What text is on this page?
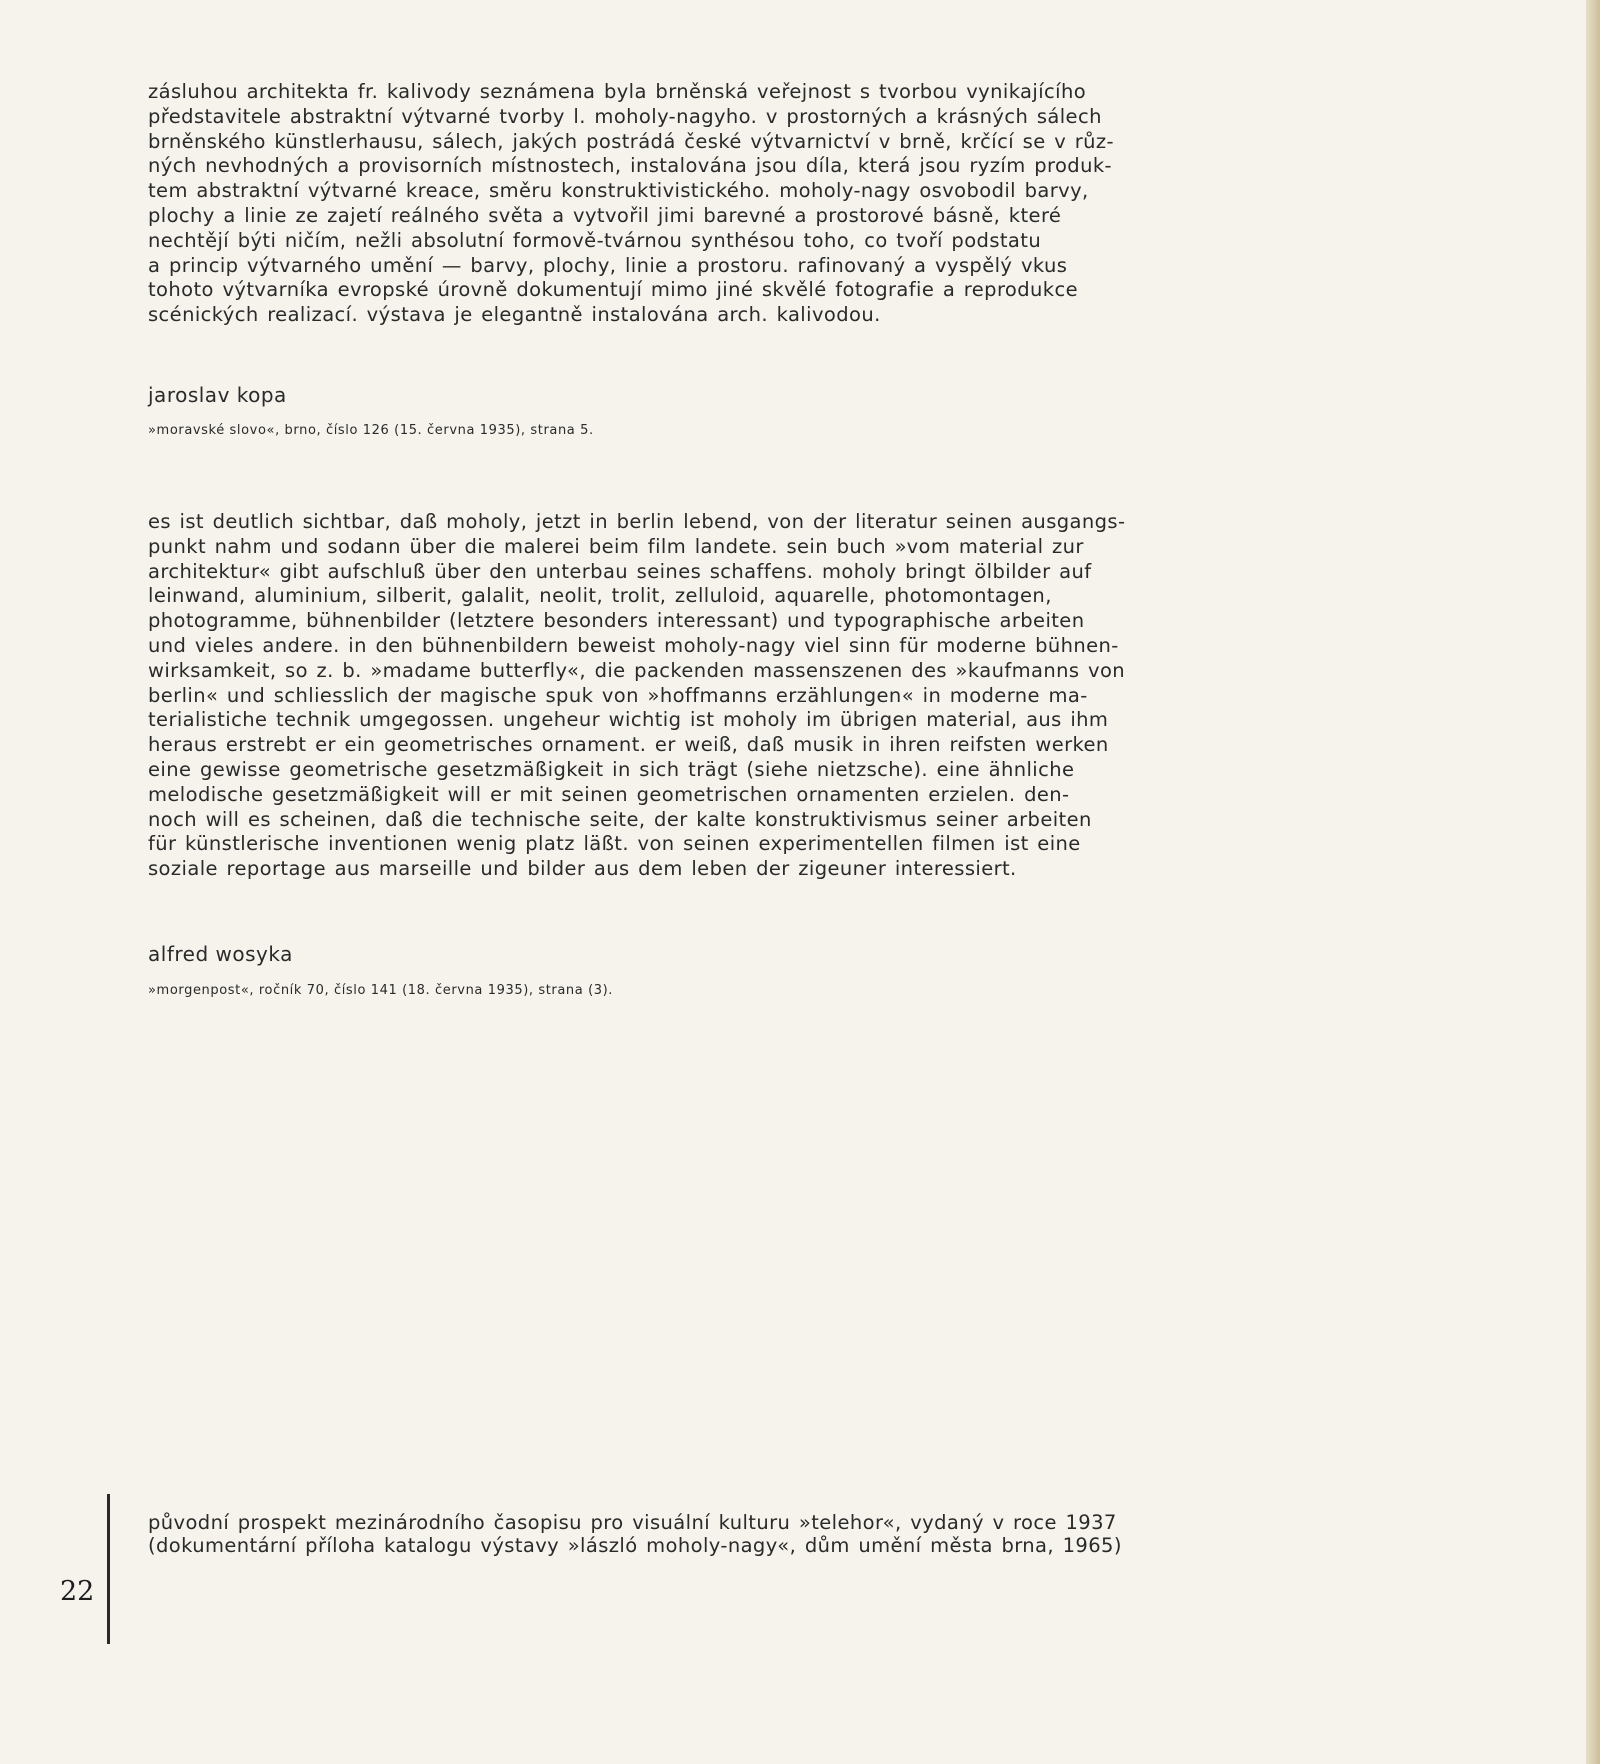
zásluhou architekta fr. kalivody seznámena byla brněnská veřejnost s tvorbou vynikajícího
představitele abstraktní výtvarné tvorby l. moholy-nagyho. v prostorných a krásných sálech
brněnského künstlerhausu, sálech, jakých postrádá české výtvarnictví v brně, krčící se v růz-
ných nevhodných a provisorních místnostech, instalována jsou díla, která jsou ryzím produk-
tem abstraktní výtvarné kreace, směru konstruktivistického. moholy-nagy osvobodil barvy,
plochy a linie ze zajetí reálného světa a vytvořil jimi barevné a prostorové básně, které
nechtějí býti ničím, nežli absolutní formově-tvárnou synthésou toho, co tvoří podstatu
a princip výtvarného umění — barvy, plochy, linie a prostoru. rafinovaný a vyspělý vkus
tohoto výtvarníka evropské úrovně dokumentují mimo jiné skvělé fotografie a reprodukce
scénických realizací. výstava je elegantně instalována arch. kalivodou.

jaroslav kopa

»moravské slovo«, brno, číslo 126 (15. června 1935), strana 5.

es ist deutlich sichtbar, daß moholy, jetzt in berlin lebend, von der literatur seinen ausgangs-
punkt nahm und sodann über die malerei beim film landete. sein buch »vom material zur
architektur« gibt aufschluß über den unterbau seines schaffens. moholy bringt ölbilder auf
leinwand, aluminium, silberit, galalit, neolit, trolit, zelluloid, aquarelle, photomontagen,
photogramme, bühnenbilder (letztere besonders interessant) und typographische arbeiten
und vieles andere. in den bühnenbildern beweist moholy-nagy viel sinn für moderne bühnen-
wirksamkeit, so z. b. »madame butterfly«, die packenden massenszenen des »kaufmanns von
berlin« und schliesslich der magische spuk von »hoffmanns erzählungen« in moderne ma-
terialistiche technik umgegossen. ungeheur wichtig ist moholy im übrigen material, aus ihm
heraus erstrebt er ein geometrisches ornament. er weiß, daß musik in ihren reifsten werken
eine gewisse geometrische gesetzmäßigkeit in sich trägt (siehe nietzsche). eine ähnliche
melodische gesetzmäßigkeit will er mit seinen geometrischen ornamenten erzielen. den-
noch will es scheinen, daß die technische seite, der kalte konstruktivismus seiner arbeiten
für künstlerische inventionen wenig platz läßt. von seinen experimentellen filmen ist eine
soziale reportage aus marseille und bilder aus dem leben der zigeuner interessiert.

alfred wosyka

»morgenpost«, ročník 70, číslo 141 (18. června 1935), strana (3).

22

původní prospekt mezinárodního časopisu pro visuální kulturu »telehor«, vydaný v roce 1937
(dokumentární příloha katalogu výstavy »lászló moholy-nagy«, dům umění města brna, 1965)
